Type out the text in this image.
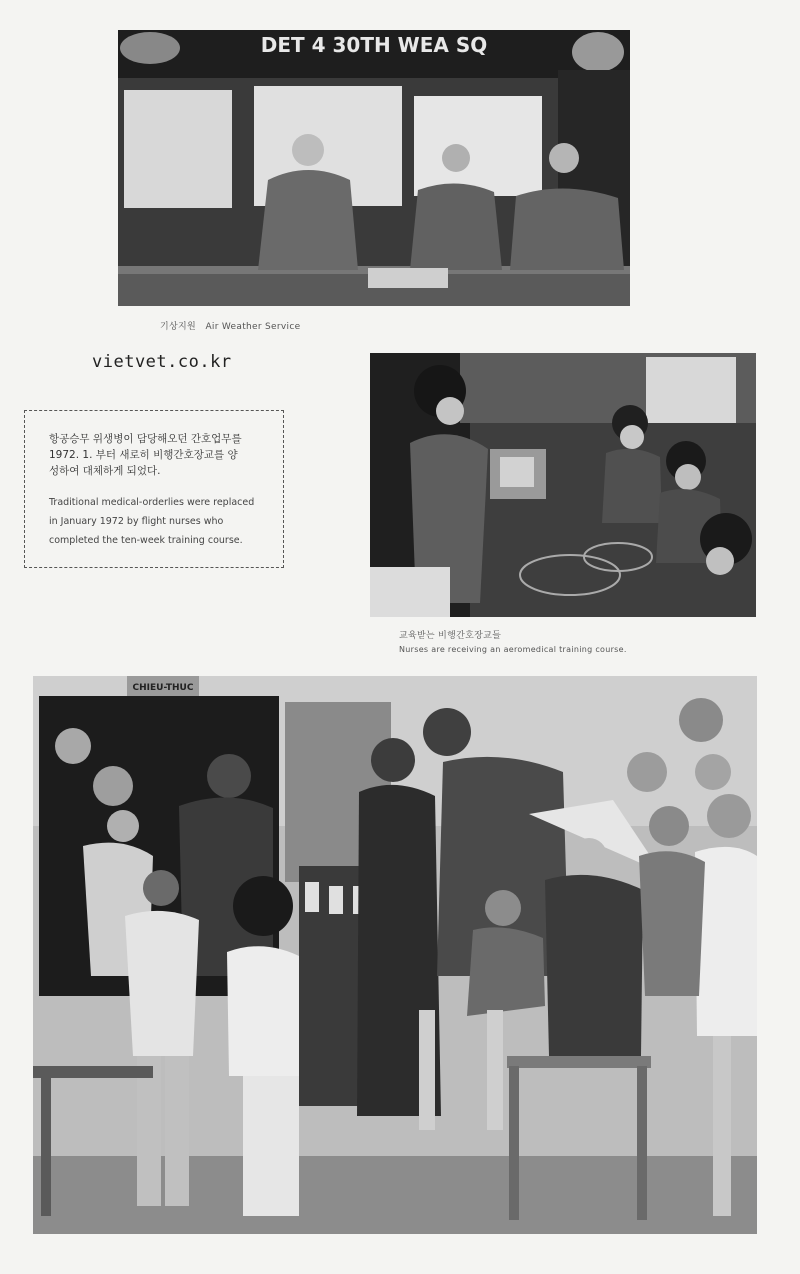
DET 4 30TH WEA SQ
기상지원 Air Weather Service
vietvet.co.kr
항공승무 위생병이 담당해오던 간호업무를
1972. 1. 부터 새로히 비행간호장교를 양
성하여 대체하게 되었다.
Traditional medical-orderlies were replaced
in January 1972 by flight nurses who
completed the ten-week training course.
교육받는 비행간호장교들
Nurses are receiving an aeromedical training course.
CHIEU-THUC
